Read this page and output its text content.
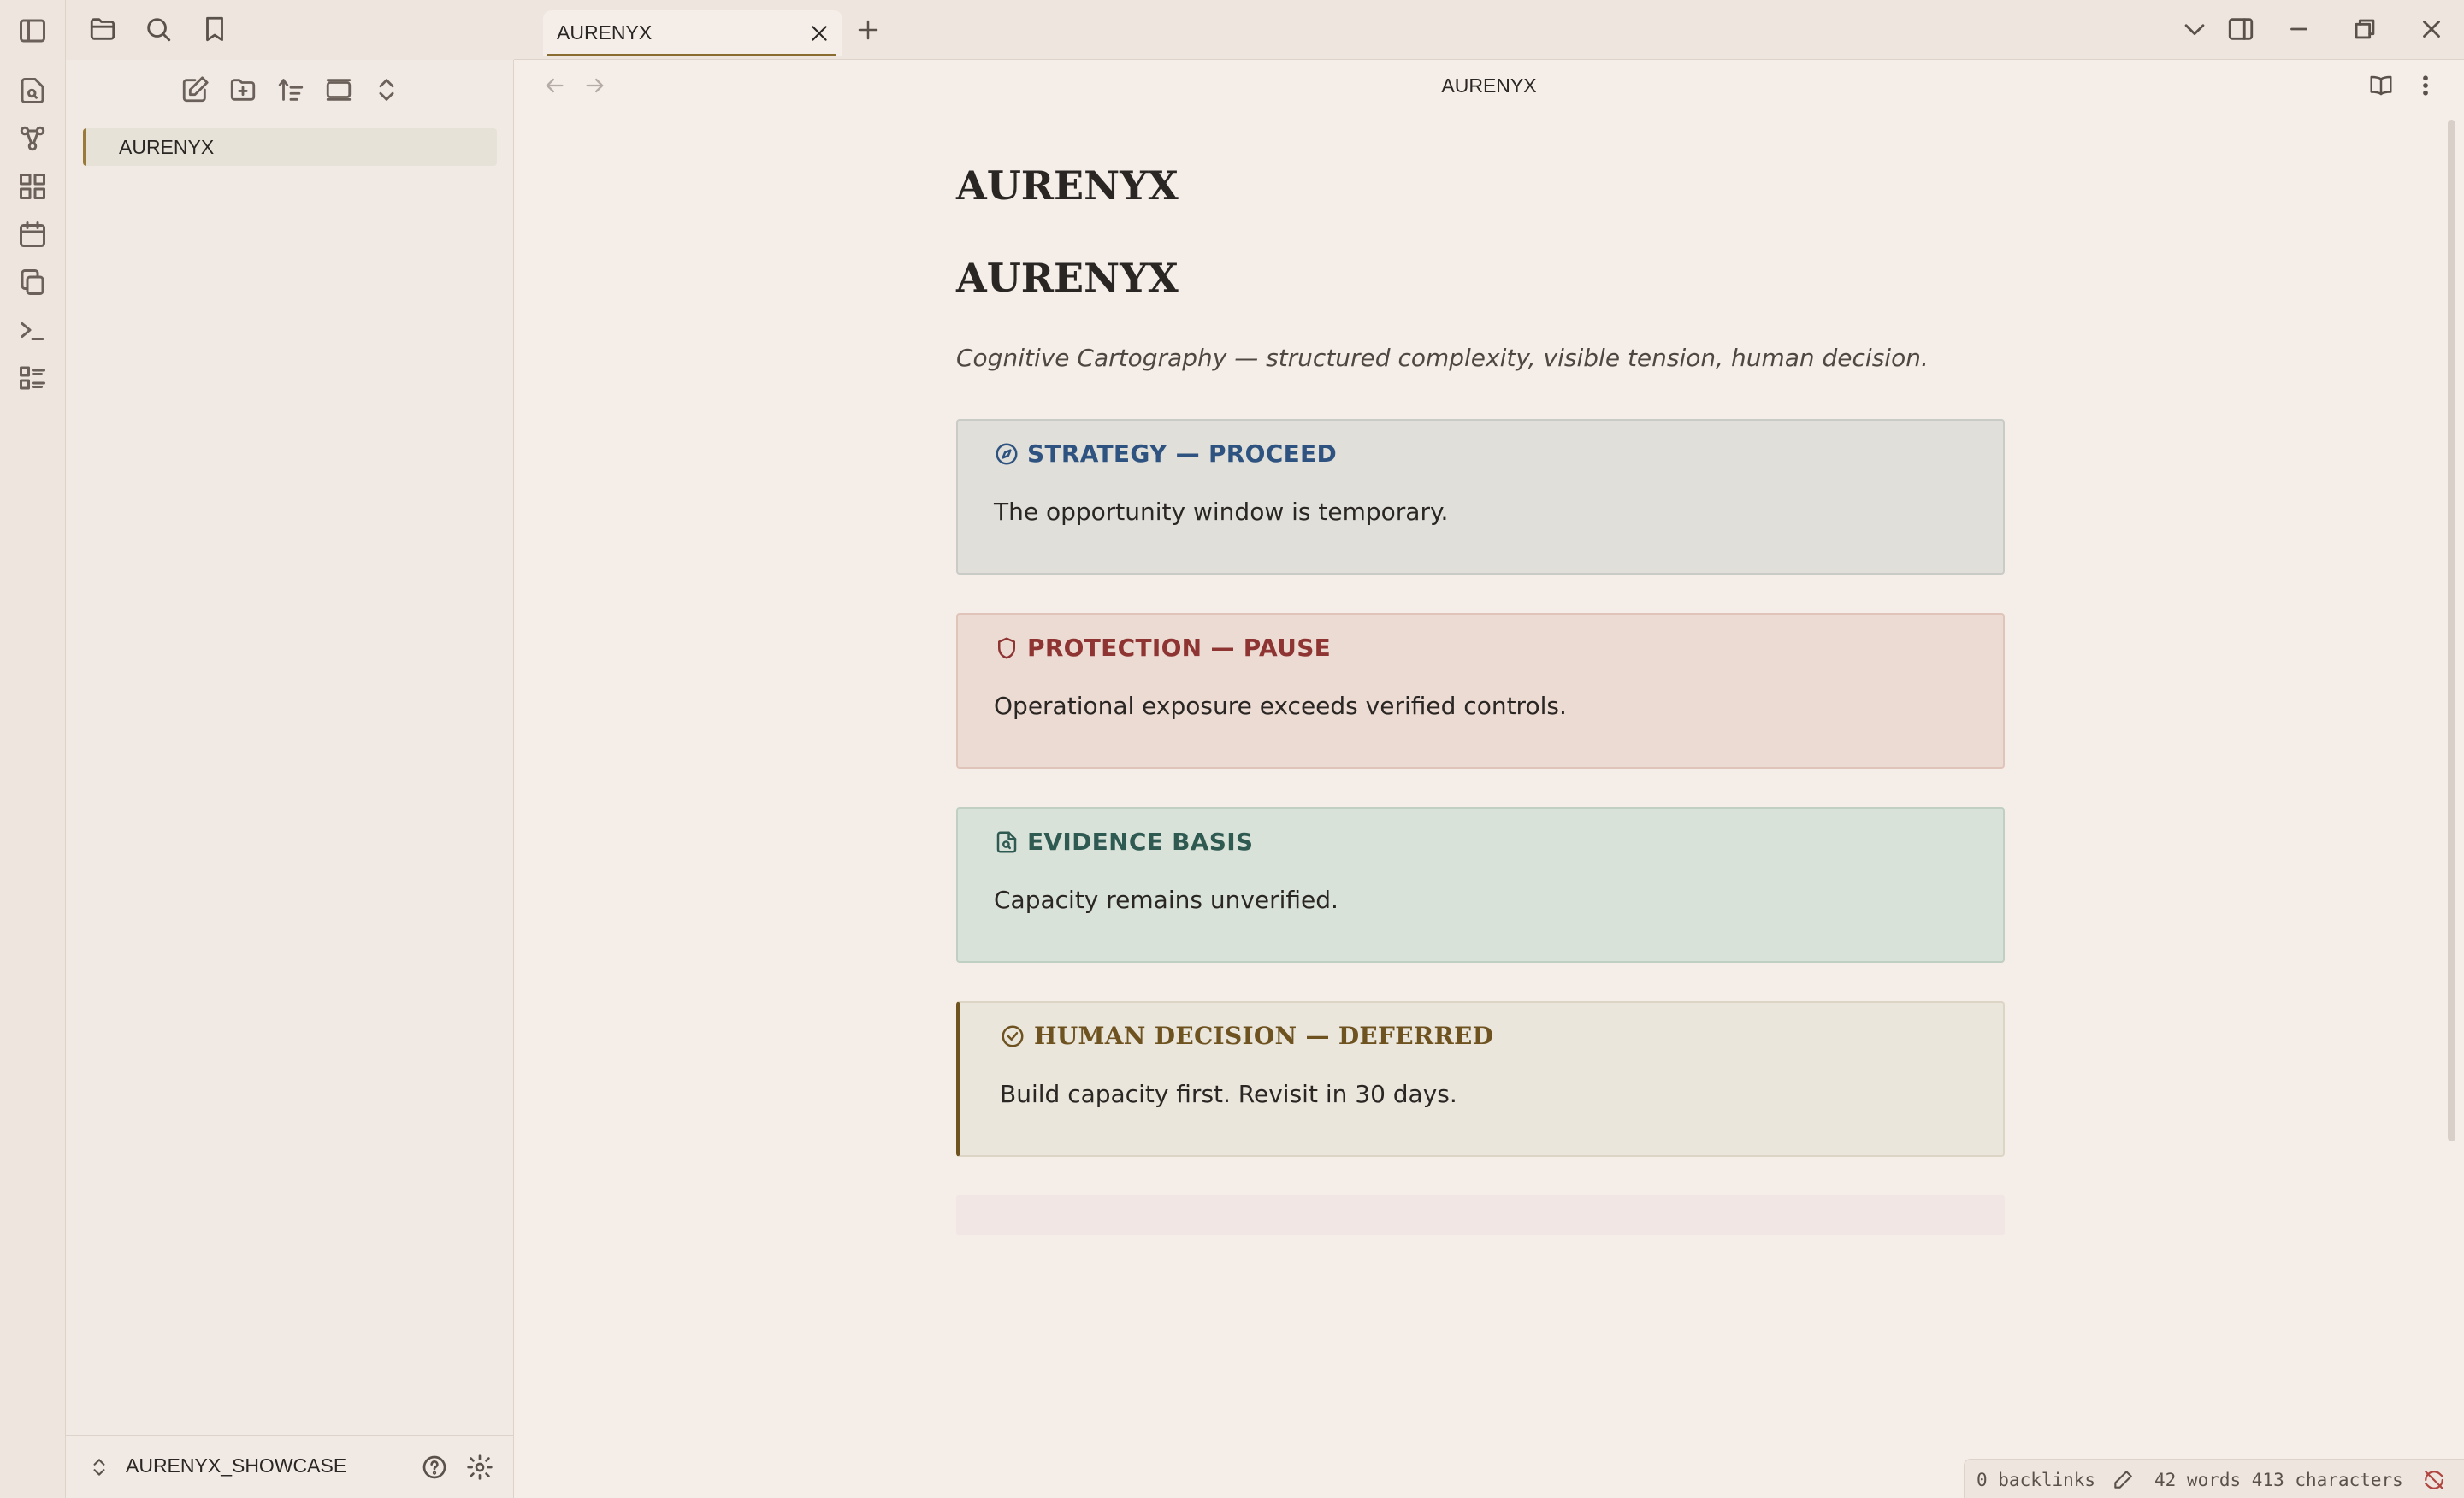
AURENYX
AURENYX_SHOWCASE
AURENYX
AURENYX
AURENYX
AURENYX
Cognitive Cartography — structured complexity, visible tension, human decision.
STRATEGY — PROCEED
The opportunity window is temporary.
PROTECTION — PAUSE
Operational exposure exceeds verified controls.
EVIDENCE BASIS
Capacity remains unverified.
HUMAN DECISION — DEFERRED
Build capacity first. Revisit in 30 days.
0 backlinks	42 words 413 characters
